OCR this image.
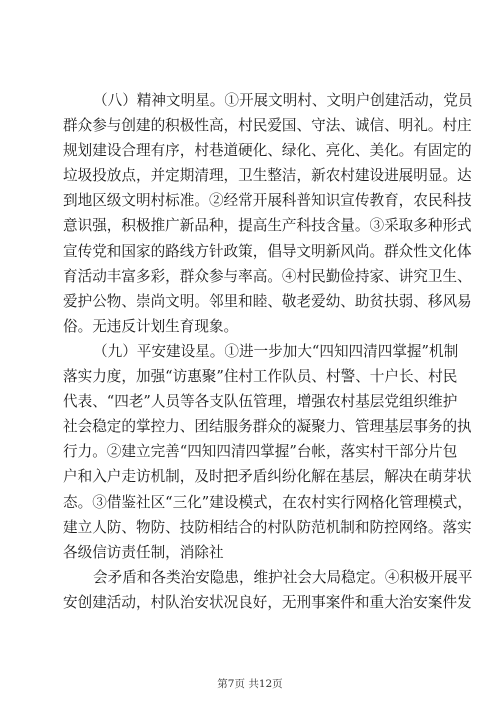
（八）精神文明星。①开展文明村、文明户创建活动，党员
群众参与创建的积极性高，村民爱国、守法、诚信、明礼。村庄
规划建设合理有序，村巷道硬化、绿化、亮化、美化。有固定的
垃圾投放点，并定期清理，卫生整洁，新农村建设进展明显。达
到地区级文明村标准。②经常开展科普知识宣传教育，农民科技
意识强，积极推广新品种，提高生产科技含量。③采取多种形式
宣传党和国家的路线方针政策，倡导文明新风尚。群众性文化体
育活动丰富多彩，群众参与率高。④村民勤俭持家、讲究卫生、
爱护公物、崇尚文明。邻里和睦、敬老爱幼、助贫扶弱、移风易
俗。无违反计划生育现象。
（九）平安建设星。①进一步加大“四知四清四掌握”机制
落实力度，加强“访惠聚”住村工作队员、村警、十户长、村民
代表、“四老”人员等各支队伍管理，增强农村基层党组织维护
社会稳定的掌控力、团结服务群众的凝聚力、管理基层事务的执
行力。②建立完善“四知四清四掌握”台帐，落实村干部分片包
户和入户走访机制，及时把矛盾纠纷化解在基层，解决在萌芽状
态。③借鉴社区“三化”建设模式，在农村实行网格化管理模式，
建立人防、物防、技防相结合的村队防范机制和防控网络。落实
各级信访责任制，消除社
会矛盾和各类治安隐患，维护社会大局稳定。④积极开展平
安创建活动，村队治安状况良好，无刑事案件和重大治安案件发
第7页 共12页
